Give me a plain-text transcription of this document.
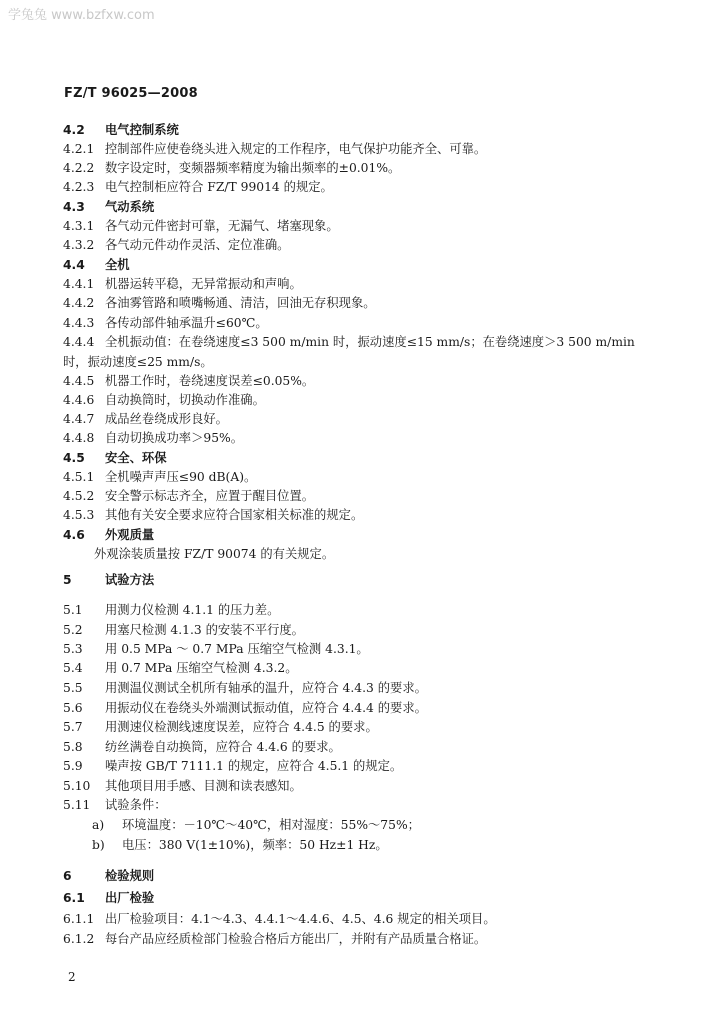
学兔兔 www.bzfxw.com
FZ/T 96025—2008
4.2 电气控制系统
4.2.1 控制部件应使卷绕头进入规定的工作程序，电气保护功能齐全、可靠。
4.2.2 数字设定时，变频器频率精度为输出频率的±0.01%。
4.2.3 电气控制柜应符合 FZ/T 99014 的规定。
4.3 气动系统
4.3.1 各气动元件密封可靠，无漏气、堵塞现象。
4.3.2 各气动元件动作灵活、定位准确。
4.4 全机
4.4.1 机器运转平稳，无异常振动和声响。
4.4.2 各油雾管路和喷嘴畅通、清洁，回油无存积现象。
4.4.3 各传动部件轴承温升≤60℃。
4.4.4 全机振动值：在卷绕速度≤3 500 m/min 时，振动速度≤15 mm/s；在卷绕速度＞3 500 m/min
时，振动速度≤25 mm/s。
4.4.5 机器工作时，卷绕速度误差≤0.05%。
4.4.6 自动换筒时，切换动作准确。
4.4.7 成品丝卷绕成形良好。
4.4.8 自动切换成功率＞95%。
4.5 安全、环保
4.5.1 全机噪声声压≤90 dB(A)。
4.5.2 安全警示标志齐全，应置于醒目位置。
4.5.3 其他有关安全要求应符合国家相关标准的规定。
4.6 外观质量
外观涂装质量按 FZ/T 90074 的有关规定。
5	试验方法
5.1 用测力仪检测 4.1.1 的压力差。
5.2 用塞尺检测 4.1.3 的安装不平行度。
5.3 用 0.5 MPa ～ 0.7 MPa 压缩空气检测 4.3.1。
5.4 用 0.7 MPa 压缩空气检测 4.3.2。
5.5 用测温仪测试全机所有轴承的温升，应符合 4.4.3 的要求。
5.6 用振动仪在卷绕头外端测试振动值，应符合 4.4.4 的要求。
5.7 用测速仪检测线速度误差，应符合 4.4.5 的要求。
5.8 纺丝满卷自动换筒，应符合 4.4.6 的要求。
5.9 噪声按 GB/T 7111.1 的规定，应符合 4.5.1 的规定。
5.10 其他项目用手感、目测和读表感知。
5.11 试验条件：
a) 环境温度：－10℃～40℃，相对湿度：55%～75%；
b) 电压：380 V(1±10%)，频率：50 Hz±1 Hz。
6	检验规则
6.1 出厂检验
6.1.1 出厂检验项目：4.1～4.3、4.4.1～4.4.6、4.5、4.6 规定的相关项目。
6.1.2 每台产品应经质检部门检验合格后方能出厂，并附有产品质量合格证。
2
